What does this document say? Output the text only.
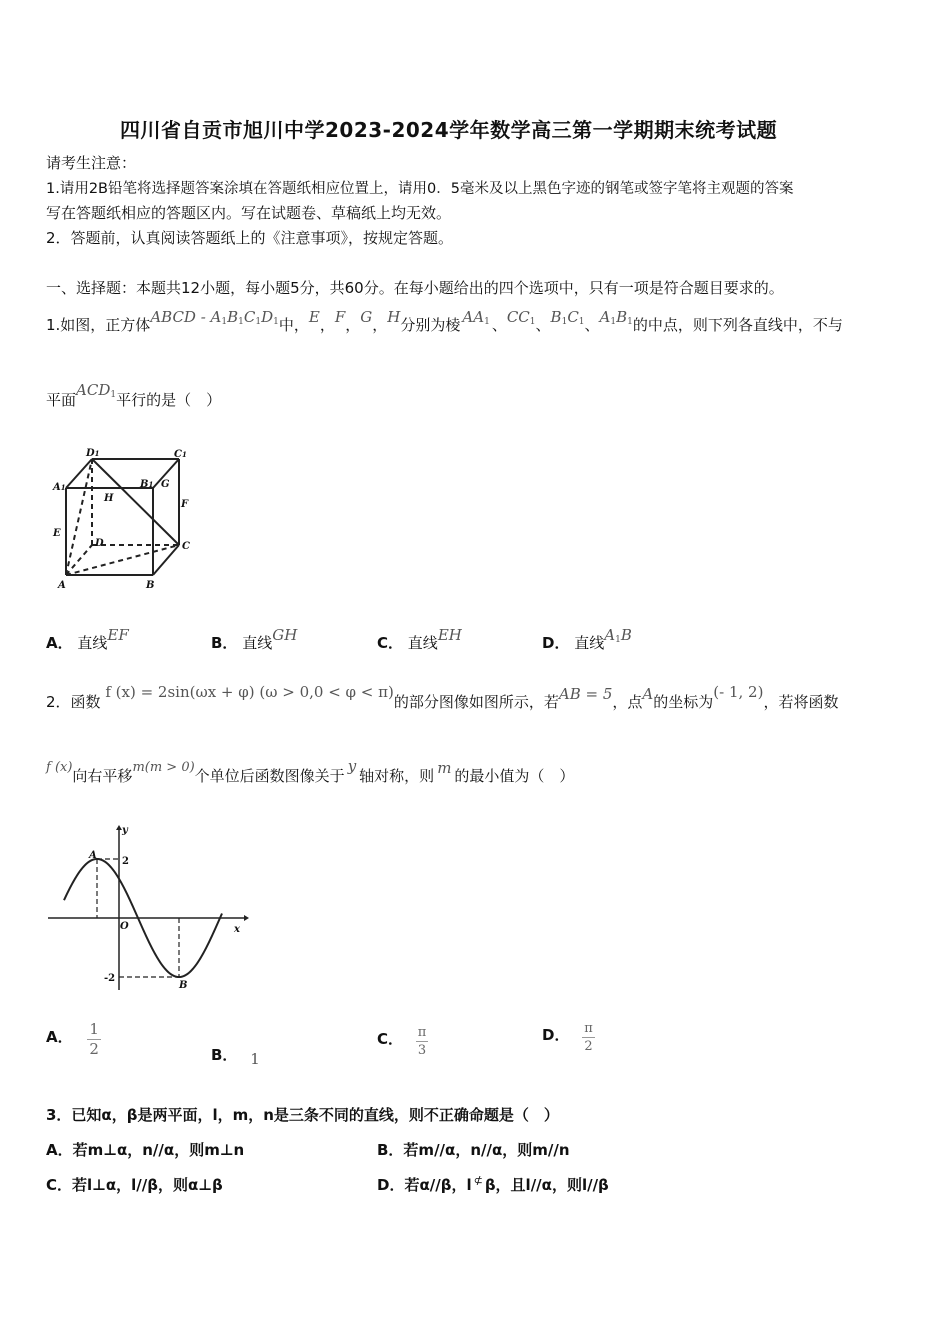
四川省自贡市旭川中学2023-2024学年数学高三第一学期期末统考试题
请考生注意：
1.请用2B铅笔将选择题答案涂填在答题纸相应位置上，请用0．5毫米及以上黑色字迹的钢笔或签字笔将主观题的答案
写在答题纸相应的答题区内。写在试题卷、草稿纸上均无效。
2．答题前，认真阅读答题纸上的《注意事项》，按规定答题。
一、选择题：本题共12小题，每小题5分，共60分。在每小题给出的四个选项中，只有一项是符合题目要求的。
1.如图，正方体ABCD - $A_1B_1C_1D_1$中，E，F，G，H分别为棱 $AA_1$ 、$CC_1$、$B_1C_1$、$A_1B_1$的中点，则下列各直线中，不与
平面$ACD_1$平行的是（　）
D1	C1
A1	B1 G
H
F
E
D	C
A	B
A． 直线EF	B． 直线GH	C． 直线EH	D． 直线$A_1B$
2．函数 f (x) = 2sin(ωx + φ) (ω > 0,0 < φ < π)的部分图像如图所示，若AB = 5，点A的坐标为(- 1, 2)，若将函数
f (x)向右平移m(m > 0)个单位后函数图像关于y轴对称，则 m 的最小值为（　）
y
x
O
A
B
2
-2
A． $\frac{1}{2}$	B． 1
C． $\frac{\pi}{3}$	D． $\frac{\pi}{2}$
3．已知α，β是两平面，l，m，n是三条不同的直线，则不正确命题是（　）
A．若m⊥α，n//α，则m⊥n	B．若m//α，n//α，则m//n
C．若l⊥α，l//β，则α⊥β	D．若α//β，l ⊄ β，且l//α，则l//β
